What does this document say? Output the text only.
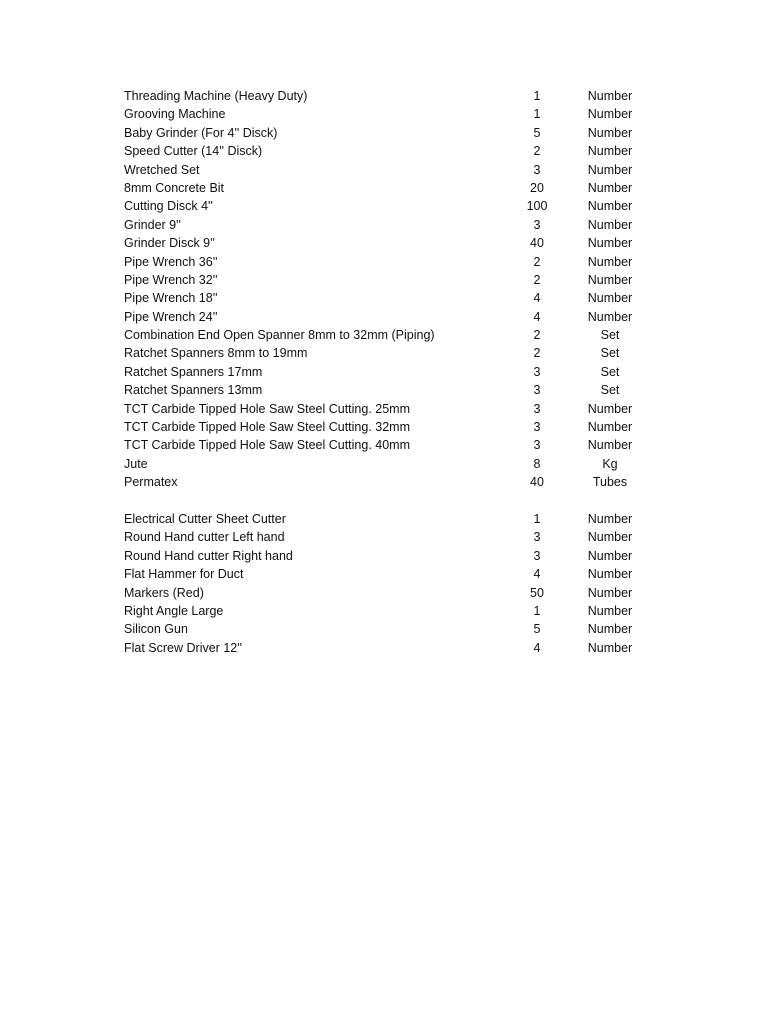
Threading Machine (Heavy Duty)	1	Number
Grooving Machine	1	Number
Baby Grinder (For 4'' Disck)	5	Number
Speed Cutter (14'' Disck)	2	Number
Wretched Set	3	Number
8mm Concrete Bit	20	Number
Cutting Disck 4''	100	Number
Grinder 9''	3	Number
Grinder Disck 9''	40	Number
Pipe Wrench 36''	2	Number
Pipe Wrench 32''	2	Number
Pipe Wrench 18''	4	Number
Pipe Wrench 24''	4	Number
Combination End Open Spanner 8mm to 32mm (Piping)	2	Set
Ratchet Spanners 8mm to 19mm	2	Set
Ratchet Spanners 17mm	3	Set
Ratchet Spanners 13mm	3	Set
TCT Carbide Tipped Hole Saw Steel Cutting. 25mm	3	Number
TCT Carbide Tipped Hole Saw Steel Cutting. 32mm	3	Number
TCT Carbide Tipped Hole Saw Steel Cutting. 40mm	3	Number
Jute	8	Kg
Permatex	40	Tubes
Electrical Cutter Sheet Cutter	1	Number
Round Hand cutter Left hand	3	Number
Round Hand cutter Right hand	3	Number
Flat Hammer for Duct	4	Number
Markers (Red)	50	Number
Right Angle Large	1	Number
Silicon Gun	5	Number
Flat Screw Driver 12''	4	Number
